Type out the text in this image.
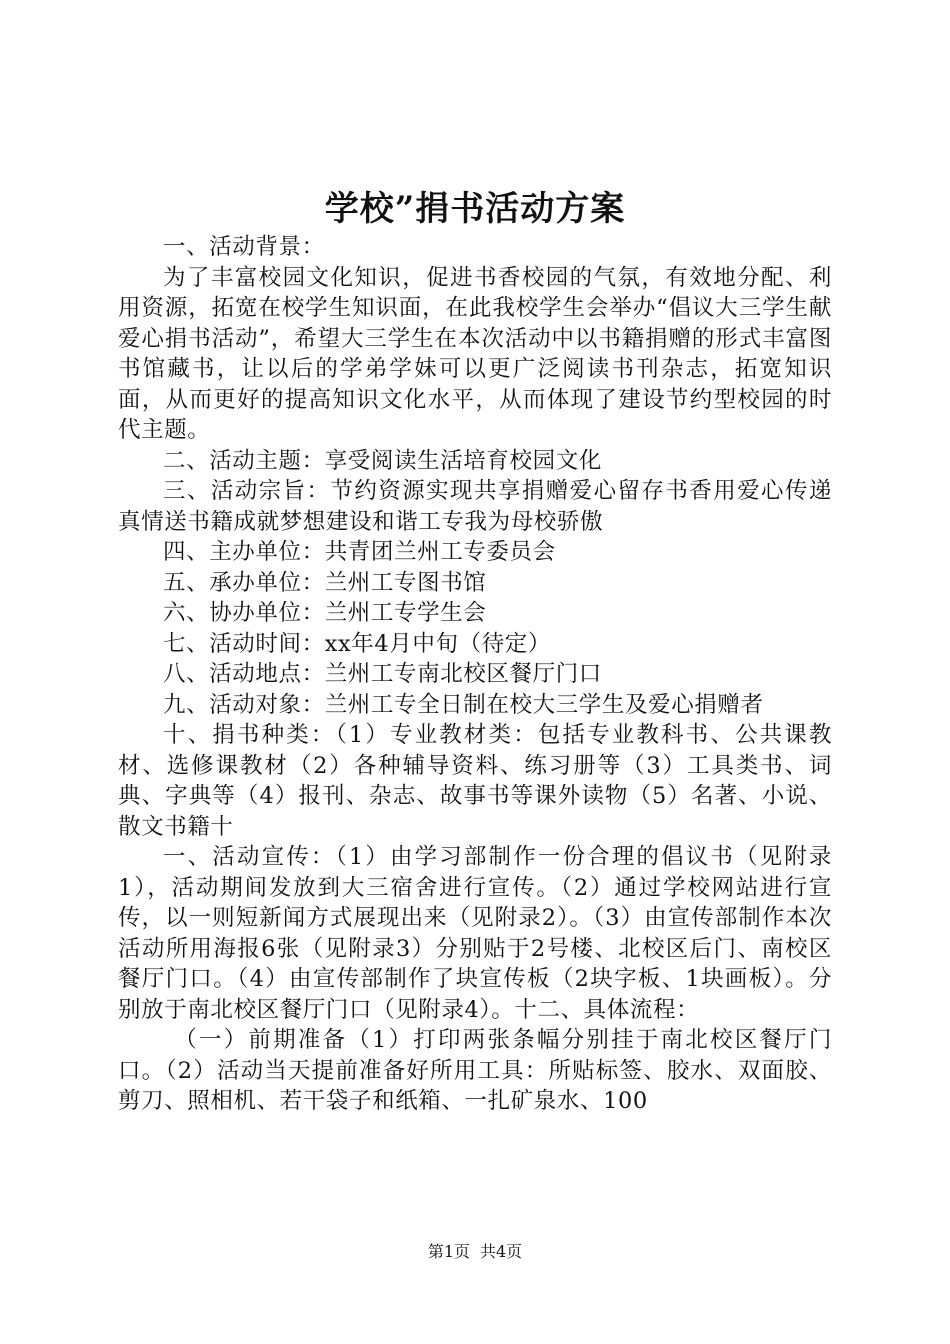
学校”捐书活动方案

一、活动背景：

为了丰富校园文化知识，促进书香校园的气氛，有效地分配、利用资源，拓宽在校学生知识面，在此我校学生会举办“倡议大三学生献爱心捐书活动”，希望大三学生在本次活动中以书籍捐赠的形式丰富图书馆藏书，让以后的学弟学妹可以更广泛阅读书刊杂志，拓宽知识面，从而更好的提高知识文化水平，从而体现了建设节约型校园的时代主题。

二、活动主题：享受阅读生活培育校园文化

三、活动宗旨：节约资源实现共享捐赠爱心留存书香用爱心传递真情送书籍成就梦想建设和谐工专我为母校骄傲

四、主办单位：共青团兰州工专委员会

五、承办单位：兰州工专图书馆

六、协办单位：兰州工专学生会

七、活动时间：xx年4月中旬（待定）

八、活动地点：兰州工专南北校区餐厅门口

九、活动对象：兰州工专全日制在校大三学生及爱心捐赠者

十、捐书种类：（1）专业教材类：包括专业教科书、公共课教材、选修课教材（2）各种辅导资料、练习册等（3）工具类书、词典、字典等（4）报刊、杂志、故事书等课外读物（5）名著、小说、散文书籍十

一、活动宣传：（1）由学习部制作一份合理的倡议书（见附录1），活动期间发放到大三宿舍进行宣传。（2）通过学校网站进行宣传，以一则短新闻方式展现出来（见附录2）。（3）由宣传部制作本次活动所用海报6张（见附录3）分别贴于2号楼、北校区后门、南校区餐厅门口。（4）由宣传部制作了块宣传板（2块字板、1块画板）。分别放于南北校区餐厅门口（见附录4）。十二、具体流程：

（一）前期准备（1）打印两张条幅分别挂于南北校区餐厅门口。（2）活动当天提前准备好所用工具：所贴标签、胶水、双面胶、剪刀、照相机、若干袋子和纸箱、一扎矿泉水、100

第1页 共4页
